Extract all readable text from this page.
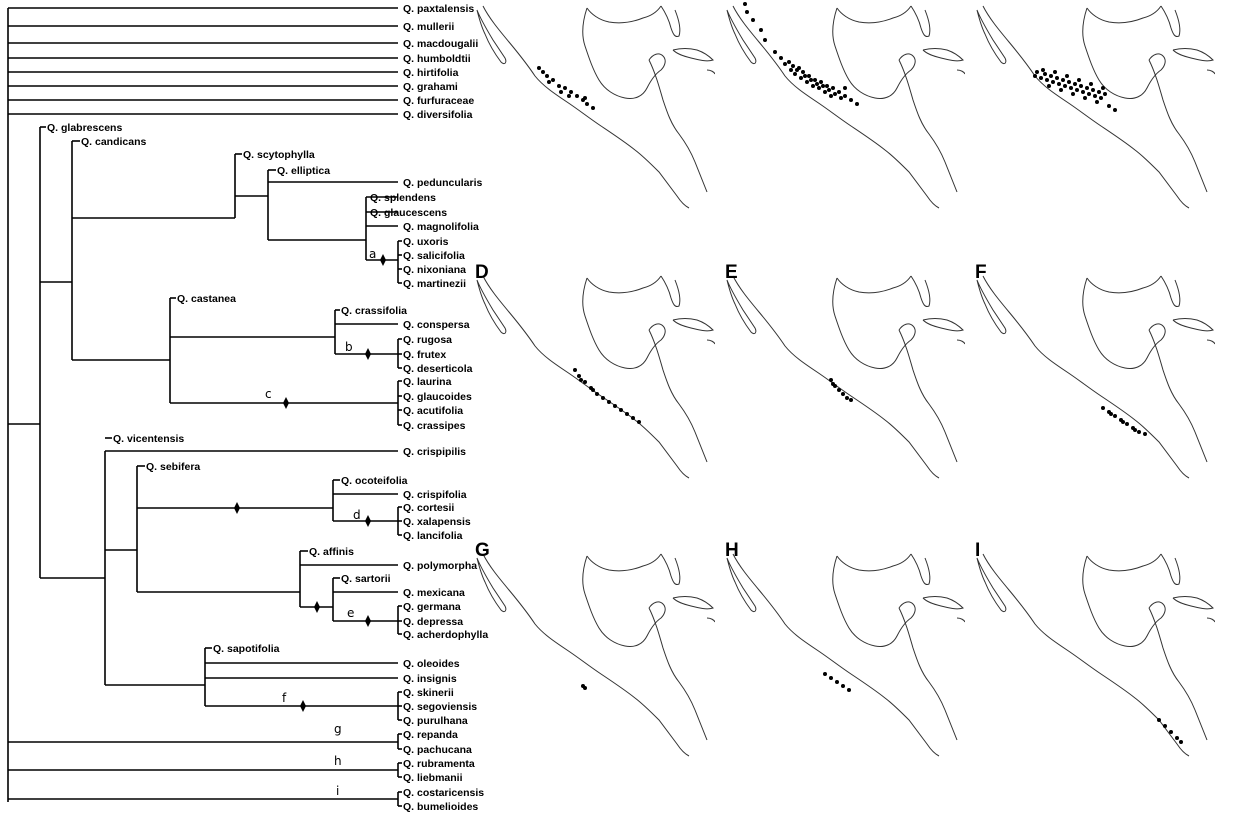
Q. paxtalensis
Q. mullerii
Q. macdougalii
Q. humboldtii
Q. hirtifolia
Q. grahami
Q. furfuraceae
Q. diversifolia
Q. glabrescens
Q. candicans
Q. scytophylla
Q. elliptica
Q. castanea
Q. crassifolia
Q. vicentensis
Q. sebifera
Q. ocoteifolia
Q. affinis
Q. sartorii
Q. sapotifolia
Q. peduncularis
Q. splendens
Q. glaucescens
Q. magnolifolia
Q. uxoris
Q. salicifolia
Q. nixoniana
Q. martinezii
Q. conspersa
Q. rugosa
Q. frutex
Q. deserticola
Q. laurina
Q. glaucoides
Q. acutifolia
Q. crassipes
Q. crispipilis
Q. crispifolia
Q. cortesii
Q. xalapensis
Q. lancifolia
Q. polymorpha
Q. mexicana
Q. germana
Q. depressa
Q. acherdophylla
Q. oleoides
Q. insignis
Q. skinerii
Q. segoviensis
Q. purulhana
Q. repanda
Q. pachucana
Q. rubramenta
Q. liebmanii
Q. costaricensis
Q. bumelioides
a
b
c
d
e
f
g
h
i
D	E	F
G	H	I
